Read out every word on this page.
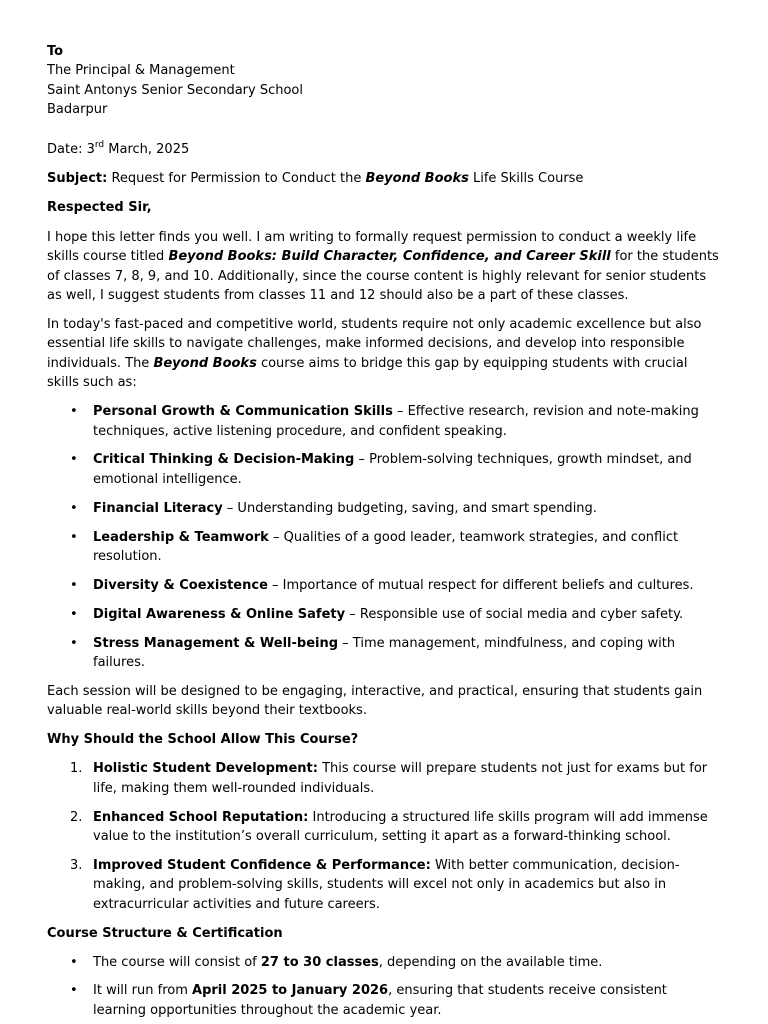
To
The Principal & Management
Saint Antonys Senior Secondary School
Badarpur
Date: 3rd March, 2025
Subject: Request for Permission to Conduct the Beyond Books Life Skills Course
Respected Sir,

I hope this letter finds you well. I am writing to formally request permission to conduct a weekly life skills course titled Beyond Books: Build Character, Confidence, and Career Skill for the students of classes 7, 8, 9, and 10. Additionally, since the course content is highly relevant for senior students as well, I suggest students from classes 11 and 12 should also be a part of these classes.

In today's fast-paced and competitive world, students require not only academic excellence but also essential life skills to navigate challenges, make informed decisions, and develop into responsible individuals. The Beyond Books course aims to bridge this gap by equipping students with crucial skills such as:

• Personal Growth & Communication Skills – Effective research, revision and note-making techniques, active listening procedure, and confident speaking.
• Critical Thinking & Decision-Making – Problem-solving techniques, growth mindset, and emotional intelligence.
• Financial Literacy – Understanding budgeting, saving, and smart spending.
• Leadership & Teamwork – Qualities of a good leader, teamwork strategies, and conflict resolution.
• Diversity & Coexistence – Importance of mutual respect for different beliefs and cultures.
• Digital Awareness & Online Safety – Responsible use of social media and cyber safety.
• Stress Management & Well-being – Time management, mindfulness, and coping with failures.

Each session will be designed to be engaging, interactive, and practical, ensuring that students gain valuable real-world skills beyond their textbooks.

Why Should the School Allow This Course?
1. Holistic Student Development: This course will prepare students not just for exams but for life, making them well-rounded individuals.
2. Enhanced School Reputation: Introducing a structured life skills program will add immense value to the institution’s overall curriculum, setting it apart as a forward-thinking school.
3. Improved Student Confidence & Performance: With better communication, decision-making, and problem-solving skills, students will excel not only in academics but also in extracurricular activities and future careers.
Course Structure & Certification
• The course will consist of 27 to 30 classes, depending on the available time.
• It will run from April 2025 to January 2026, ensuring that students receive consistent learning opportunities throughout the academic year.
